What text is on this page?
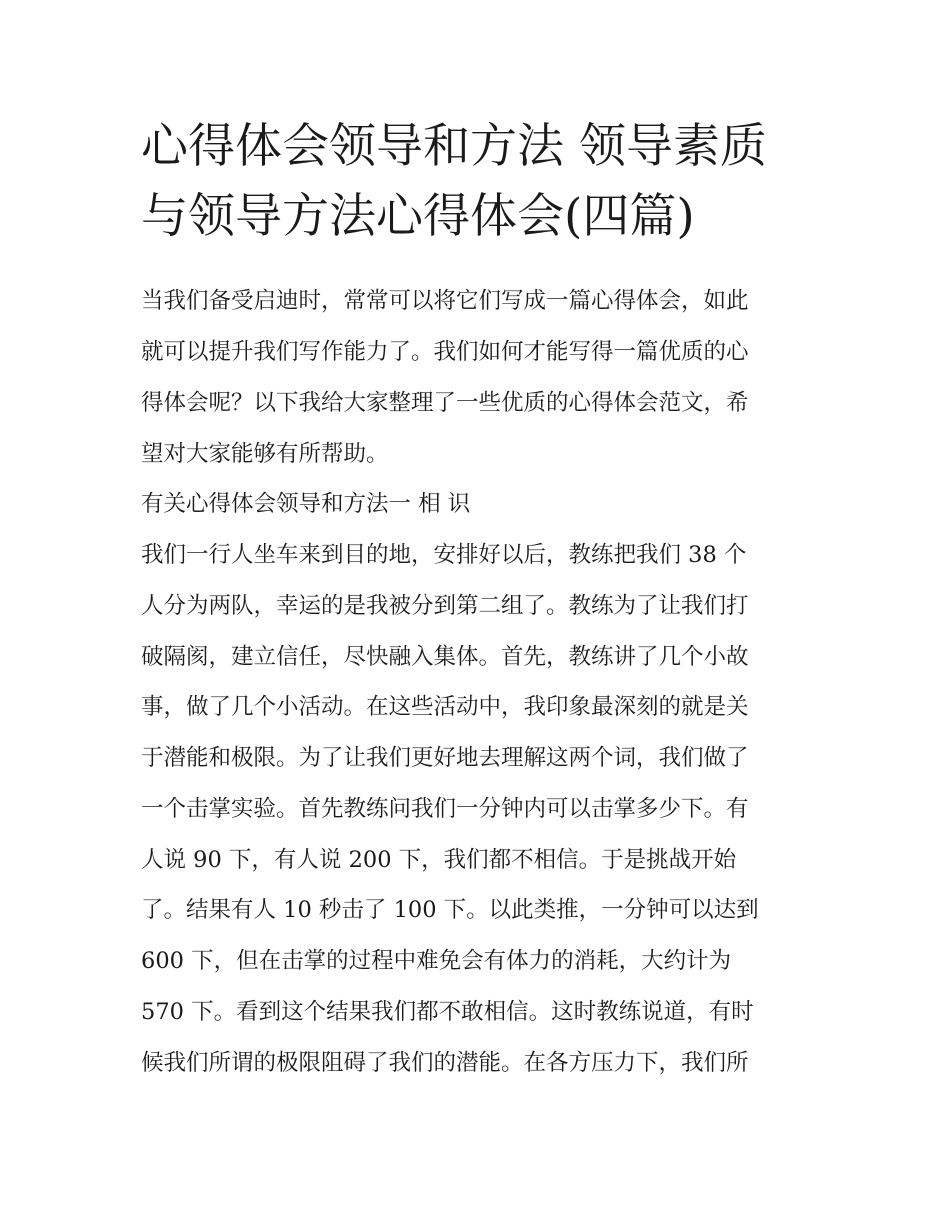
心得体会领导和方法 领导素质
与领导方法心得体会(四篇)

当我们备受启迪时，常常可以将它们写成一篇心得体会，如此

就可以提升我们写作能力了。我们如何才能写得一篇优质的心

得体会呢？以下我给大家整理了一些优质的心得体会范文，希

望对大家能够有所帮助。

有关心得体会领导和方法一 相 识

我们一行人坐车来到目的地，安排好以后，教练把我们 38 个

人分为两队，幸运的是我被分到第二组了。教练为了让我们打

破隔阂，建立信任，尽快融入集体。首先，教练讲了几个小故

事，做了几个小活动。在这些活动中，我印象最深刻的就是关

于潜能和极限。为了让我们更好地去理解这两个词，我们做了

一个击掌实验。首先教练问我们一分钟内可以击掌多少下。有

人说 90 下，有人说 200 下，我们都不相信。于是挑战开始

了。结果有人 10 秒击了 100 下。以此类推，一分钟可以达到

600 下，但在击掌的过程中难免会有体力的消耗，大约计为

570 下。看到这个结果我们都不敢相信。这时教练说道，有时

候我们所谓的极限阻碍了我们的潜能。在各方压力下，我们所
